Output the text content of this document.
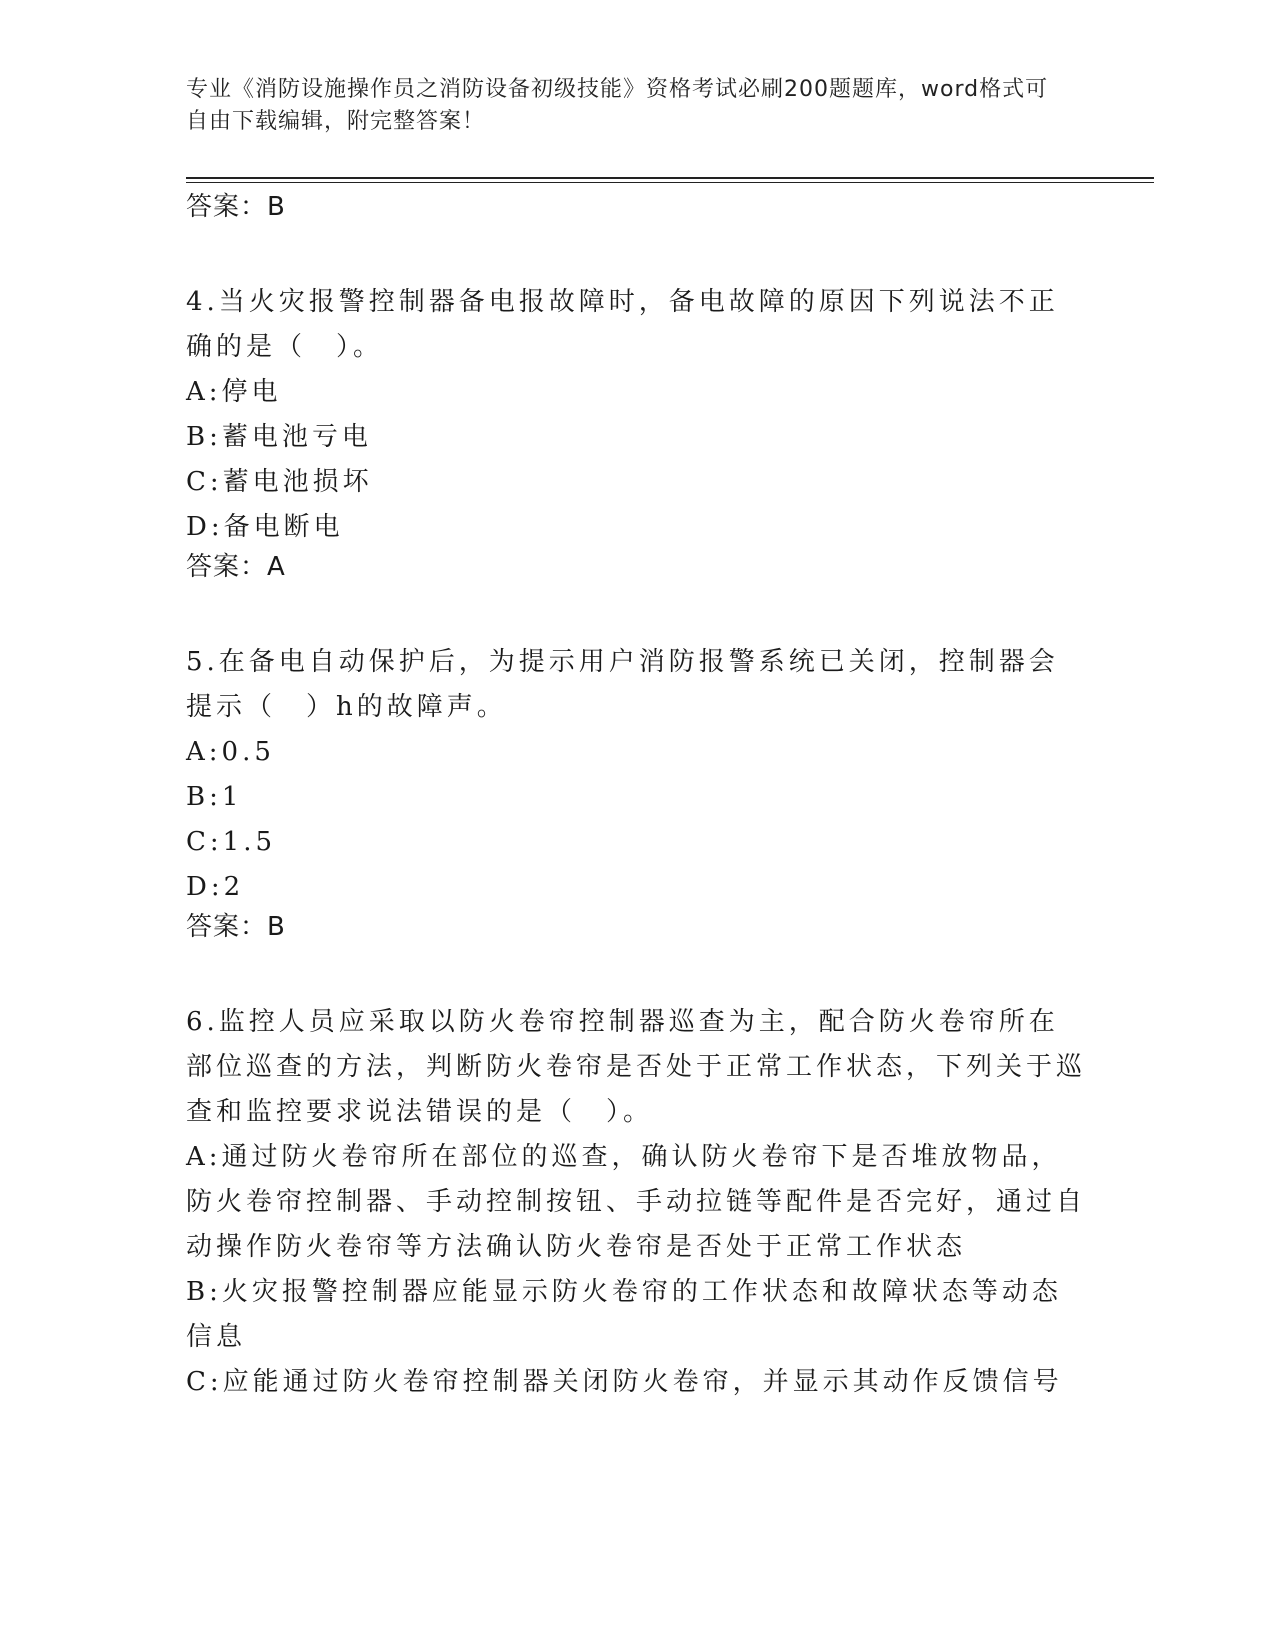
专业《消防设施操作员之消防设备初级技能》资格考试必刷200题题库，word格式可自由下载编辑，附完整答案！

答案：B

4.当火灾报警控制器备电报故障时，备电故障的原因下列说法不正确的是（　）。

A:停电

B:蓄电池亏电

C:蓄电池损坏

D:备电断电

答案：A

5.在备电自动保护后，为提示用户消防报警系统已关闭，控制器会提示（　）h的故障声。

A:0.5

B:1

C:1.5

D:2

答案：B

6.监控人员应采取以防火卷帘控制器巡查为主，配合防火卷帘所在部位巡查的方法，判断防火卷帘是否处于正常工作状态，下列关于巡查和监控要求说法错误的是（　）。

A:通过防火卷帘所在部位的巡查，确认防火卷帘下是否堆放物品，防火卷帘控制器、手动控制按钮、手动拉链等配件是否完好，通过自动操作防火卷帘等方法确认防火卷帘是否处于正常工作状态

B:火灾报警控制器应能显示防火卷帘的工作状态和故障状态等动态信息

C:应能通过防火卷帘控制器关闭防火卷帘，并显示其动作反馈信号
